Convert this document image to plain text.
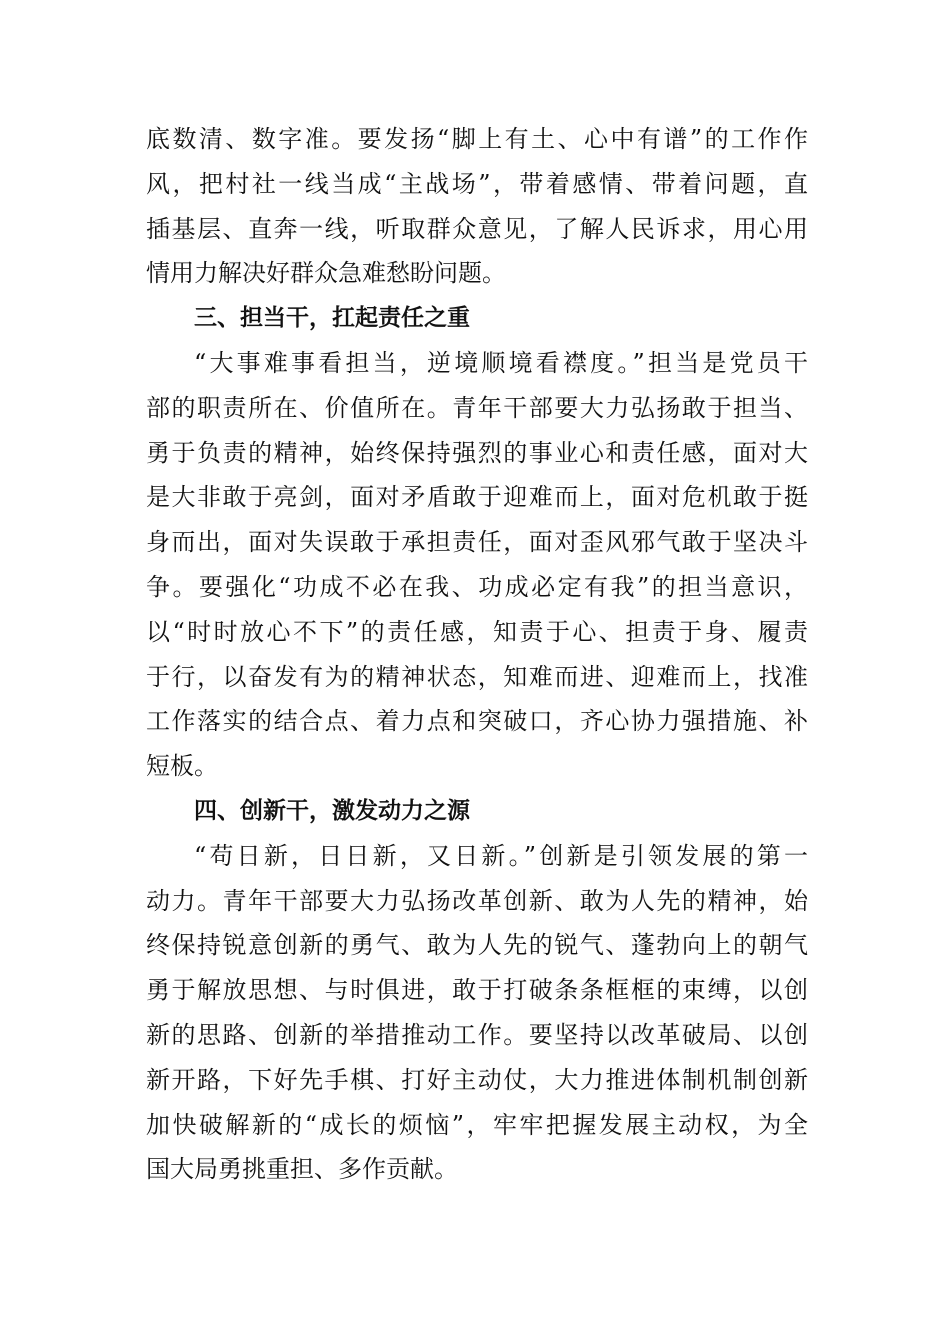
底数清、数字准。要发扬“脚上有土、心中有谱”的工作作
风，把村社一线当成“主战场”，带着感情、带着问题，直
插基层、直奔一线，听取群众意见，了解人民诉求，用心用
情用力解决好群众急难愁盼问题。
三、担当干，扛起责任之重
“大事难事看担当，逆境顺境看襟度。”担当是党员干
部的职责所在、价值所在。青年干部要大力弘扬敢于担当、
勇于负责的精神，始终保持强烈的事业心和责任感，面对大
是大非敢于亮剑，面对矛盾敢于迎难而上，面对危机敢于挺
身而出，面对失误敢于承担责任，面对歪风邪气敢于坚决斗
争。要强化“功成不必在我、功成必定有我”的担当意识，
以“时时放心不下”的责任感，知责于心、担责于身、履责
于行，以奋发有为的精神状态，知难而进、迎难而上，找准
工作落实的结合点、着力点和突破口，齐心协力强措施、补
短板。
四、创新干，激发动力之源
“苟日新，日日新，又日新。”创新是引领发展的第一
动力。青年干部要大力弘扬改革创新、敢为人先的精神，始
终保持锐意创新的勇气、敢为人先的锐气、蓬勃向上的朝气
勇于解放思想、与时俱进，敢于打破条条框框的束缚，以创
新的思路、创新的举措推动工作。要坚持以改革破局、以创
新开路，下好先手棋、打好主动仗，大力推进体制机制创新
加快破解新的“成长的烦恼”，牢牢把握发展主动权，为全
国大局勇挑重担、多作贡献。
